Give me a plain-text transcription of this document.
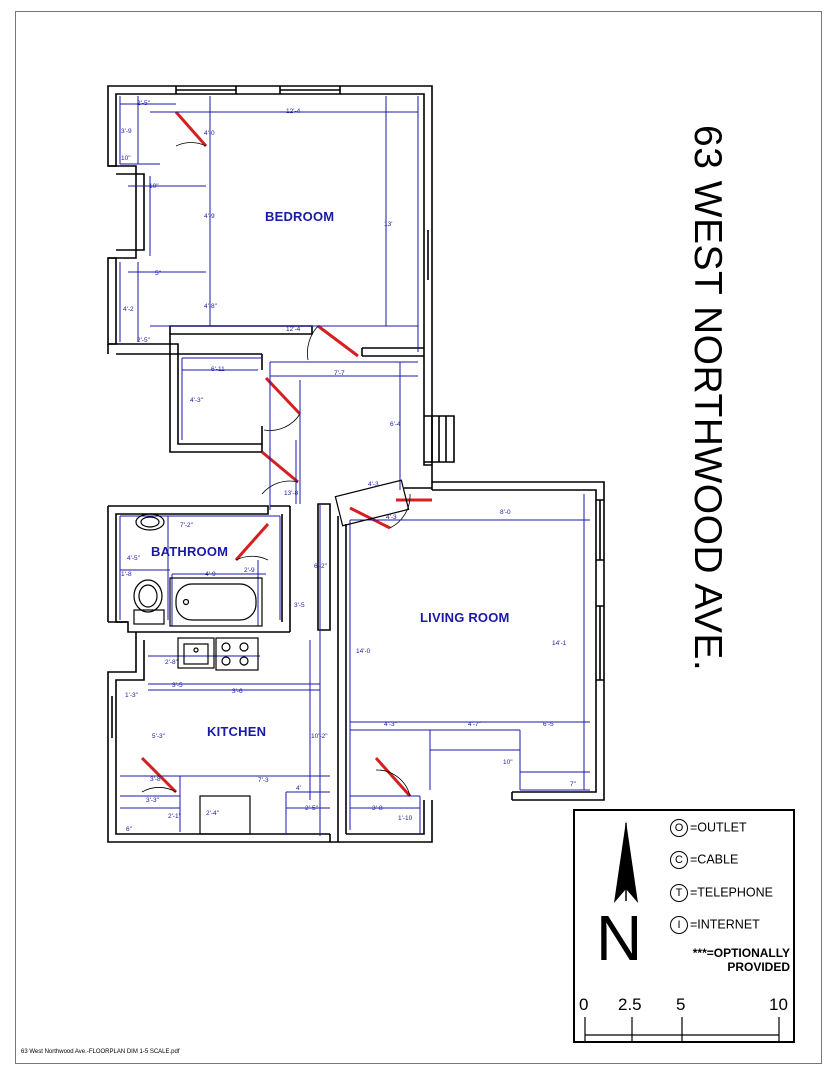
BEDROOM
BATHROOM
LIVING ROOM
KITCHEN
2'-5"
3'-9
10"
4'-0
12'-4
10"
4'-9
13'
5"
4'-2	4'-8"
2'-5"
12'-4
6'-11
7'-7
4'-3"
6'-4
4'-3
13'-8
4'-3
8'-0
7'-2"
4'-5"
1'-8	4'-9
2'-9
6'-2"
3'-5
2'-8"
3'-5
3'-6
1'-3"
5'-3"	10'-2"
14'-0
14'-1
4'-3"	4'-7"	6'-5
10"
7"
3'-8	7'-3
4'
3'-3"
2'-1"	2'-4"
2'-5"	3'-8
1'-10
6"
63 WEST NORTHWOOD AVE.
N
O =OUTLET
C =CABLE
T =TELEPHONE
I =INTERNET
***=OPTIONALLY
PROVIDED
0 2.5 5	10
63 West Northwood Ave.-FLOORPLAN DIM 1-5 SCALE.pdf
